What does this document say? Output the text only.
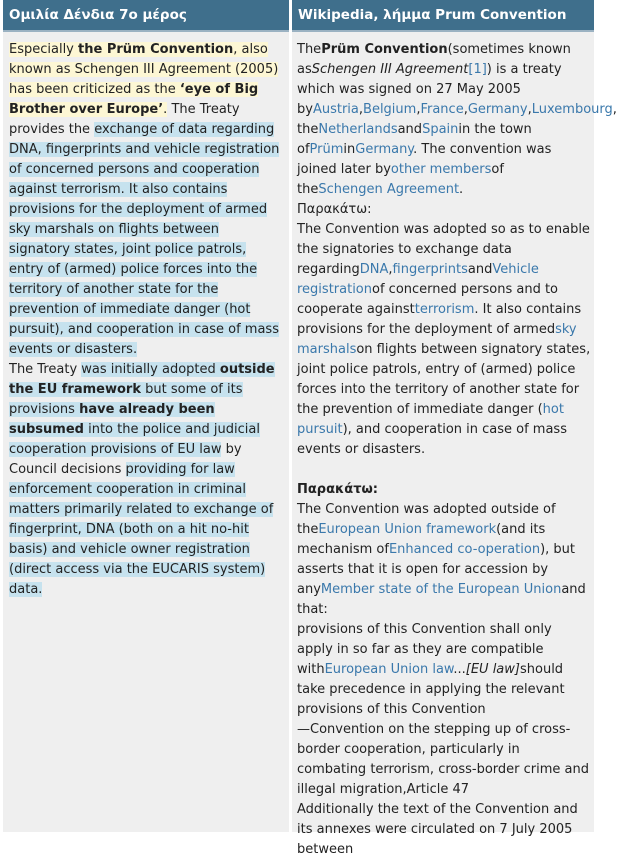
Ομιλία Δένδια 7ο μέρος

Especially the Prüm Convention, also known as Schengen III Agreement (2005) has been criticized as the ‘eye of Big Brother over Europe’. The Treaty provides the exchange of data regarding DNA, fingerprints and vehicle registration of concerned persons and cooperation against terrorism. It also contains provisions for the deployment of armed sky marshals on flights between signatory states, joint police patrols, entry of (armed) police forces into the territory of another state for the prevention of immediate danger (hot pursuit), and cooperation in case of mass events or disasters.

The Treaty was initially adopted outside the EU framework but some of its provisions have already been subsumed into the police and judicial cooperation provisions of EU law by Council decisions providing for law enforcement cooperation in criminal matters primarily related to exchange of fingerprint, DNA (both on a hit no-hit basis) and vehicle owner registration (direct access via the EUCARIS system) data.

Wikipedia, λήμμα Prum Convention

ThePrüm Convention(sometimes known asSchengen III Agreement[1]) is a treaty which was signed on 27 May 2005 byAustria,Belgium,France,Germany,Luxembourg, theNetherlandsandSpainin the town ofPrüminGermany. The convention was joined later byother membersof theSchengen Agreement.

Παρακάτω:

The Convention was adopted so as to enable the signatories to exchange data regardingDNA,fingerprintsandVehicle registrationof concerned persons and to cooperate againstterrorism. It also contains provisions for the deployment of armedsky marshalson flights between signatory states, joint police patrols, entry of (armed) police forces into the territory of another state for the prevention of immediate danger (hot pursuit), and cooperation in case of mass events or disasters.

Παρακάτω:

The Convention was adopted outside of theEuropean Union framework(and its mechanism ofEnhanced co-operation), but asserts that it is open for accession by anyMember state of the European Unionand that:

provisions of this Convention shall only apply in so far as they are compatible withEuropean Union law...[EU law]should take precedence in applying the relevant provisions of this Convention

—Convention on the stepping up of cross-border cooperation, particularly in combating terrorism, cross-border crime and illegal migration,Article 47

Additionally the text of the Convention and its annexes were circulated on 7 July 2005 between
